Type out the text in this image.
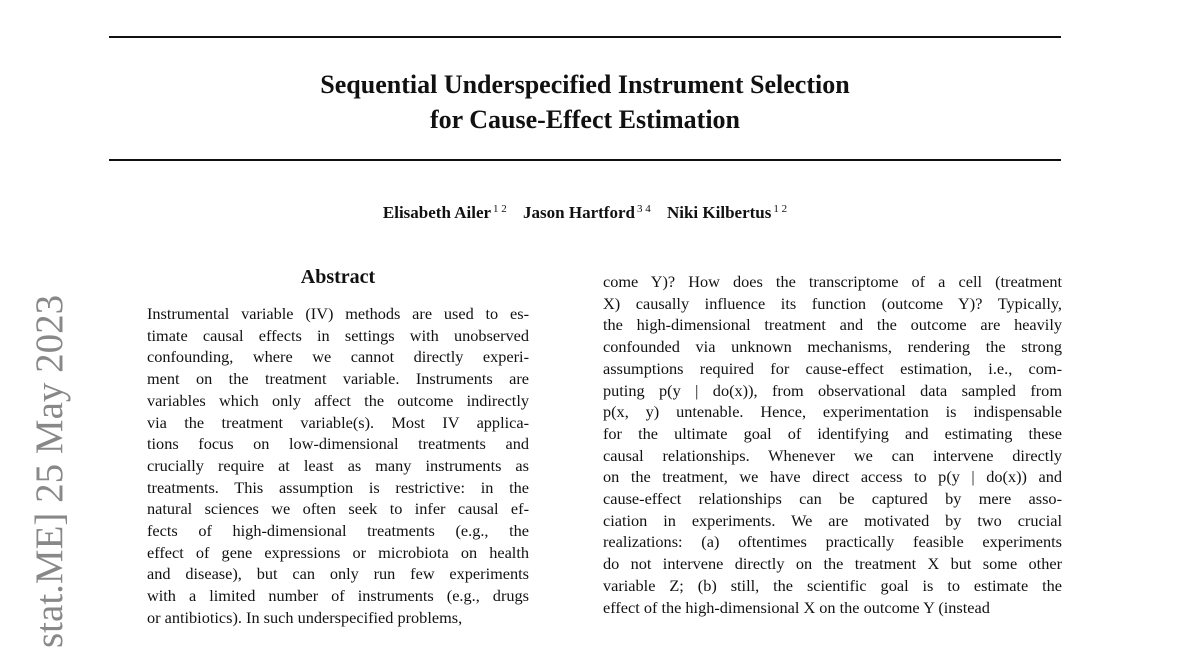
Sequential Underspecified Instrument Selection
for Cause-Effect Estimation
Elisabeth Ailer $^{1 2}$ Jason Hartford $^{3 4}$ Niki Kilbertus $^{1 2}$
stat.ME] 25 May 2023
Abstract
Instrumental variable (IV) methods are used to es-
timate causal effects in settings with unobserved
confounding, where we cannot directly experi-
ment on the treatment variable. Instruments are
variables which only affect the outcome indirectly
via the treatment variable(s). Most IV applica-
tions focus on low-dimensional treatments and
crucially require at least as many instruments as
treatments. This assumption is restrictive: in the
natural sciences we often seek to infer causal ef-
fects of high-dimensional treatments (e.g., the
effect of gene expressions or microbiota on health
and disease), but can only run few experiments
with a limited number of instruments (e.g., drugs
or antibiotics). In such underspecified problems,
come Y)? How does the transcriptome of a cell (treatment
X) causally influence its function (outcome Y)? Typically,
the high-dimensional treatment and the outcome are heavily
confounded via unknown mechanisms, rendering the strong
assumptions required for cause-effect estimation, i.e., com-
puting p(y | do(x)), from observational data sampled from
p(x, y) untenable. Hence, experimentation is indispensable
for the ultimate goal of identifying and estimating these
causal relationships. Whenever we can intervene directly
on the treatment, we have direct access to p(y | do(x)) and
cause-effect relationships can be captured by mere asso-
ciation in experiments. We are motivated by two crucial
realizations: (a) oftentimes practically feasible experiments
do not intervene directly on the treatment X but some other
variable Z; (b) still, the scientific goal is to estimate the
effect of the high-dimensional X on the outcome Y (instead
